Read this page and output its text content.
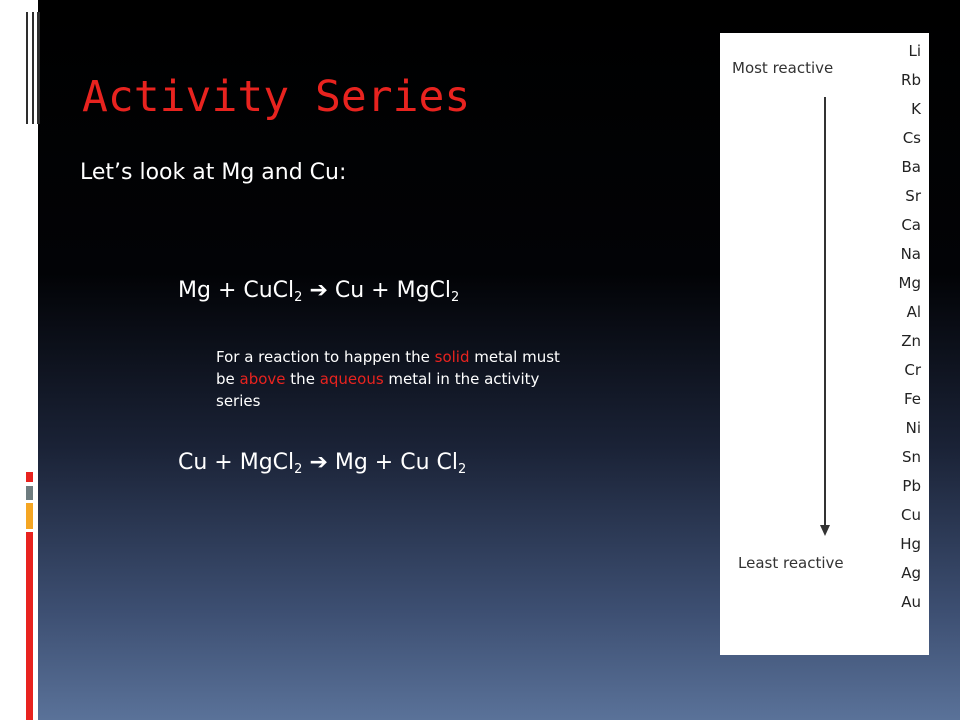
Activity Series
Let’s look at Mg and Cu:
Mg + CuCl$_2$ ➔ Cu + MgCl$_2$
For a reaction to happen the solid metal must be above the aqueous metal in the activity series
Cu + MgCl$_2$ ➔ Mg + Cu $Cl_2$
Most reactive
Least reactive
Li
Rb
K
Cs
Ba
Sr
Ca
Na
Mg
Al
Zn
Cr
Fe
Ni
Sn
Pb
Cu
Hg
Ag
Au
